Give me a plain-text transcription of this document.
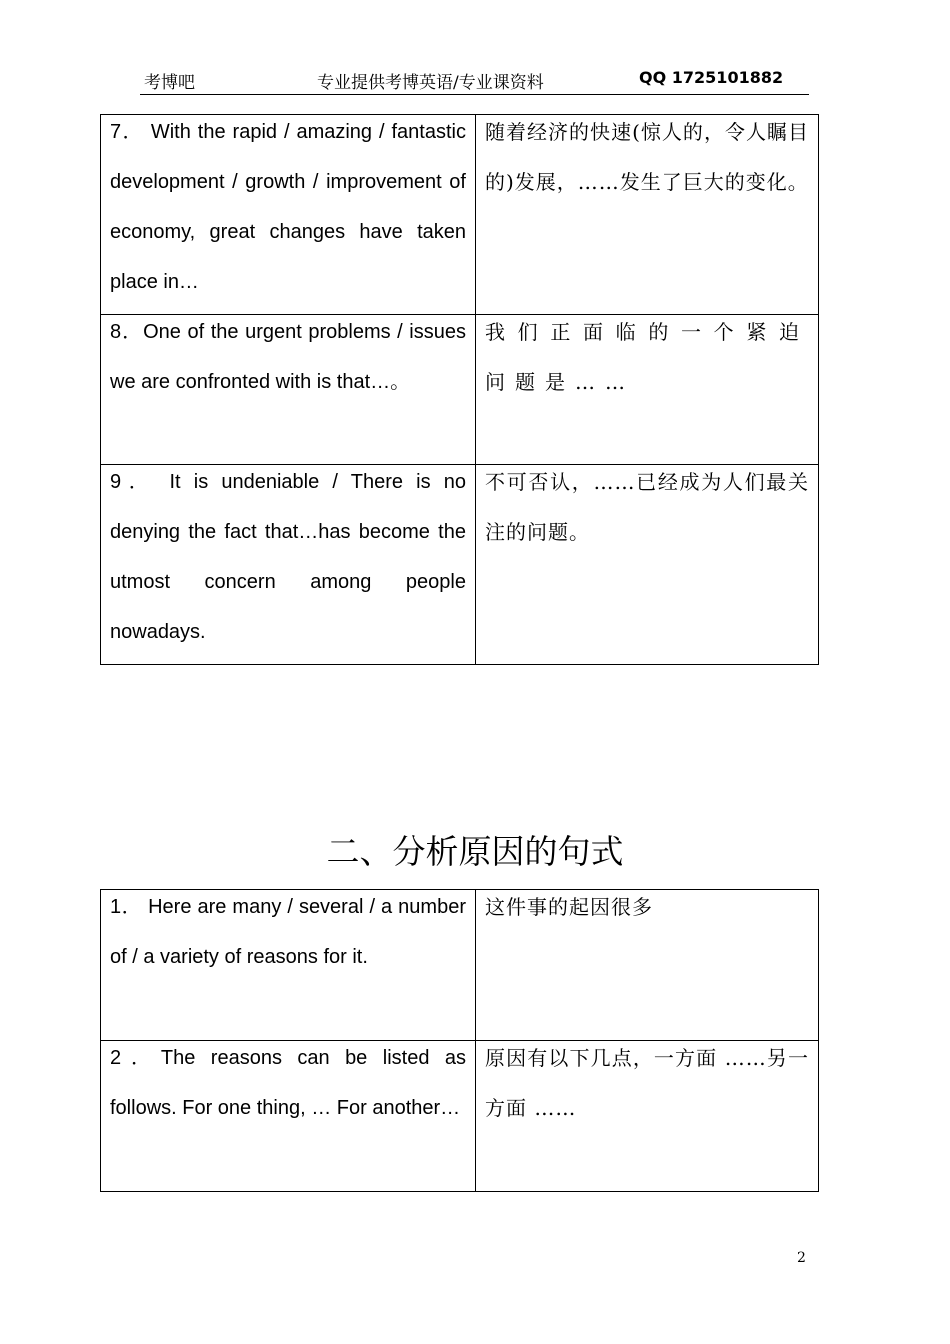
考博吧	专业提供考博英语/专业课资料	QQ 1725101882
7． With the rapid / amazing / fantastic development / growth / improvement of economy, great changes have taken place in…	随着经济的快速(惊人的，令人瞩目的)发展，……发生了巨大的变化。

8．One of the urgent problems / issues we are confronted with is that…。	我们正面临的一个紧迫问题是……

9． It is undeniable / There is no denying the fact that…has become the utmost concern among people nowadays.	不可否认，……已经成为人们最关注的问题。
二、分析原因的句式
1． Here are many / several / a number of / a variety of reasons for it.	这件事的起因很多

2．The reasons can be listed as follows. For one thing, … For another…	原因有以下几点，一方面 ……另一方面 ……
2
